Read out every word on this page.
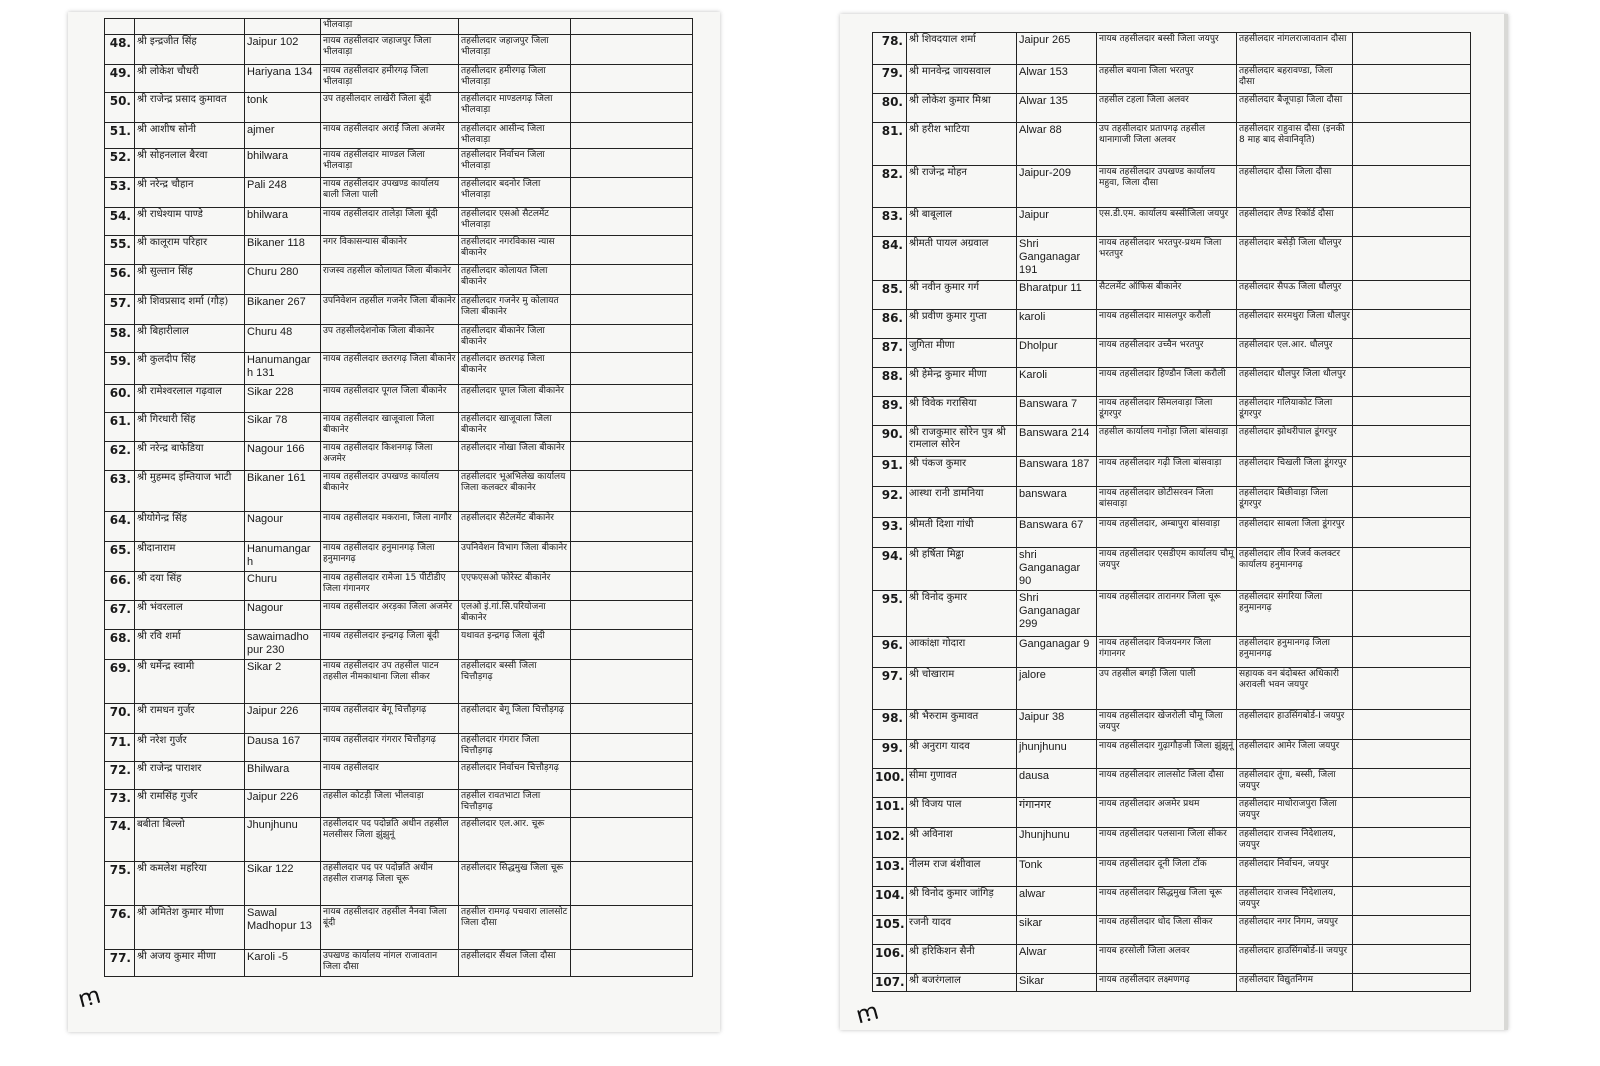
			भीलवाड़ा		
48.	श्री इन्द्रजीत सिंह	Jaipur 102	नायब तहसीलदार जहाजपुर जिला भीलवाड़ा	तहसीलदार जहाजपुर जिला भीलवाड़ा	
49.	श्री लोकेश चौधरी	Hariyana 134	नायब तहसीलदार हमीरगढ़ जिला भीलवाड़ा	तहसीलदार हमीरगढ़ जिला भीलवाड़ा	
50.	श्री राजेन्द्र प्रसाद कुमावत	tonk	उप तहसीलदार लाखेरी जिला बूंदी	तहसीलदार माण्डलगढ़ जिला भीलवाड़ा	
51.	श्री आशीष सोनी	ajmer	नायब तहसीलदार अराई जिला अजमेर	तहसीलदार आसीन्द जिला भीलवाड़ा	
52.	श्री सोहनलाल बैरवा	bhilwara	नायब तहसीलदार माण्डल जिला भीलवाड़ा	तहसीलदार निर्वाचन जिला भीलवाड़ा	
53.	श्री नरेन्द्र चौहान	Pali 248	नायब तहसीलदार उपखण्ड कार्यालय बाली जिला पाली	तहसीलदार बदनोर जिला भीलवाड़ा	
54.	श्री राधेश्याम पाण्डे	bhilwara	नायब तहसीलदार तालेड़ा जिला बूंदी	तहसीलदार एसओ सैटलमेंट भीलवाड़ा	
55.	श्री कालूराम परिहार	Bikaner 118	नगर विकासन्यास बीकानेर	तहसीलदार नगरविकास न्यास बीकानेर	
56.	श्री सुल्तान सिंह	Churu 280	राजस्व तहसील कोलायत जिला बीकानेर	तहसीलदार कोलायत जिला बीकानेर	
57.	श्री शिवप्रसाद शर्मा (गौड़)	Bikaner 267	उपनिवेशन तहसील गजनेर जिला बीकानेर	तहसीलदार गजनेर मु कोलायत जिला बीकानेर	
58.	श्री बिहारीलाल	Churu 48	उप तहसीलदेशनोक जिला बीकानेर	तहसीलदार बीकानेर जिला बीकानेर	
59.	श्री कुलदीप सिंह	Hanumangar h 131	नायब तहसीलदार छतरगढ़ जिला बीकानेर	तहसीलदार छतरगढ़ जिला बीकानेर	
60.	श्री रामेश्वरलाल गढ़वाल	Sikar 228	नायब तहसीलदार पूगल जिला बीकानेर	तहसीलदार पूगल जिला बीकानेर	
61.	श्री गिरधारी सिंह	Sikar 78	नायब तहसीलदार खाजूवाला जिला बीकानेर	तहसीलदार खाजूवाला जिला बीकानेर	
62.	श्री नरेन्द्र बाफेडिया	Nagour 166	नायब तहसीलदार किशनगढ़ जिला अजमेर	तहसीलदार नोखा जिला बीकानेर	
63.	श्री मुहम्मद इम्तियाज भाटी	Bikaner 161	नायब तहसीलदार उपखण्ड कार्यालय बीकानेर	तहसीलदार भूअभिलेख कार्यालय जिला कलक्टर बीकानेर	
64.	श्रीयोगेन्द्र सिंह	Nagour	नायब तहसीलदार मकराना, जिला नागौर	तहसीलदार सैटेलमेंट बीकानेर	
65.	श्रीदानाराम	Hanumangar h	नायब तहसीलदार हनुमानगढ़ जिला हनुमानगढ़	उपनिवेशन विभाग जिला बीकानेर	
66.	श्री दया सिंह	Churu	नायब तहसीलदार रामेजा 15 पीटीडीए जिला गंगानगर	एएफएसओ फोरेस्ट बीकानेर	
67.	श्री भंवरलाल	Nagour	नायब तहसीलदार अरड़का जिला अजमेर	एलओ इं.गां.सि.परियोजना बीकानेर	
68.	श्री रवि शर्मा	sawaimadho pur 230	नायब तहसीलदार इन्द्रगढ़ जिला बूंदी	यथावत इन्द्रगढ़ जिला बूंदी	
69.	श्री धर्मेन्द्र स्वामी	Sikar 2	नायब तहसीलदार उप तहसील पाटन तहसील नीमकाथाना जिला सीकर	तहसीलदार बस्सी जिला चित्तौड़गढ़	
70.	श्री रामधन गुर्जर	Jaipur 226	नायब तहसीलदार बेगू चित्तौड़गढ़	तहसीलदार बेगू जिला चित्तौड़गढ़	
71.	श्री नरेश गुर्जर	Dausa 167	नायब तहसीलदार गंगरार चित्तौड़गढ़	तहसीलदार गंगरार जिला चित्तौड़गढ़	
72.	श्री राजेन्द्र पाराशर	Bhilwara	नायब तहसीलदार	तहसीलदार निर्वाचन चित्तौड़गढ़	
73.	श्री रामसिंह गुर्जर	Jaipur 226	तहसील कोटड़ी जिला भीलवाड़ा	तहसील रावतभाटा जिला चित्तौड़गढ़	
74.	बबीता बिल्लो	Jhunjhunu	तहसीलदार पद पदोन्नति अधीन तहसील मलसीसर जिला झुंझुनूं	तहसीलदार एल.आर. चूरू	
75.	श्री कमलेश महरिया	Sikar 122	तहसीलदार पद पर पदोन्नति अधीन तहसील राजगढ़ जिला चूरू	तहसीलदार सिद्धमुख जिला चूरू	
76.	श्री अमितेश कुमार मीणा	Sawal Madhopur 13	नायब तहसीलदार तहसील नैनवा जिला बूंदी	तहसील रामगढ़ पचवारा लालसोट जिला दौसा	
77.	श्री अजय कुमार मीणा	Karoli -5	उपखण्ड कार्यालय नांगल राजावतान जिला दौसा	तहसीलदार सैंथल जिला दौसा	
ꭑ
78.	श्री शिवदयाल शर्मा	Jaipur 265	नायब तहसीलदार बस्सी जिला जयपुर	तहसीलदार नांगलराजावतान दौसा	
79.	श्री मानवेन्द्र जायसवाल	Alwar 153	तहसील बयाना जिला भरतपुर	तहसीलदार बहरावण्डा, जिला दौसा	
80.	श्री लोकेश कुमार मिश्रा	Alwar 135	तहसील टहला जिला अलवर	तहसीलदार बैजूपाड़ा जिला दौसा	
81.	श्री हरीश भाटिया	Alwar 88	उप तहसीलदार प्रतापगढ़ तहसील थानागाजी जिला अलवर	तहसीलदार राहुवास दौसा (इनकी 8 माह बाद सेवानिवृति)	
82.	श्री राजेन्द्र मोहन	Jaipur-209	नायब तहसीलदार उपखण्ड कार्यालय महुवा, जिला दौसा	तहसीलदार दौसा जिला दौसा	
83.	श्री बाबूलाल	Jaipur	एस.डी.एम. कार्यालय बस्सीजिला जयपुर	तहसीलदार लैण्ड रिकॉर्ड दौसा	
84.	श्रीमती पायल अग्रवाल	Shri Ganganagar 191	नायब तहसीलदार भरतपुर-प्रथम जिला भरतपुर	तहसीलदार बसेड़ी जिला धौलपुर	
85.	श्री नवीन कुमार गर्ग	Bharatpur 11	सैटलमेंट ऑफिस बीकानेर	तहसीलदार सैपऊ जिला धौलपुर	
86.	श्री प्रवीण कुमार गुप्ता	karoli	नायब तहसीलदार मासलपुर करौली	तहसीलदार सरमथुरा जिला धौलपुर	
87.	जुगिता मीणा	Dholpur	नायब तहसीलदार उच्चैन भरतपुर	तहसीलदार एल.आर. धौलपुर	
88.	श्री हेमेन्द्र कुमार मीणा	Karoli	नायब तहसीलदार हिण्डौन जिला करौली	तहसीलदार धौलपुर जिला धौलपुर	
89.	श्री विवेक गरासिया	Banswara 7	नायब तहसीलदार सिमलवाड़ा जिला डूंगरपुर	तहसीलदार गलियाकोट जिला डूंगरपुर	
90.	श्री राजकुमार सोरेन पुत्र श्री रामलाल सोरेन	Banswara 214	तहसील कार्यालय गनोड़ा जिला बांसवाड़ा	तहसीलदार झोथरीपाल डूंगरपुर	
91.	श्री पंकज कुमार	Banswara 187	नायब तहसीलदार गढ़ी जिला बांसवाड़ा	तहसीलदार चिखली जिला डूंगरपुर	
92.	आस्था रानी डामनिया	banswara	नायब तहसीलदार छोटीसरवन जिला बांसवाड़ा	तहसीलदार बिछीवाड़ा जिला डूंगरपुर	
93.	श्रीमती दिशा गांधी	Banswara 67	नायब तहसीलदार, अम्बापुरा बांसवाड़ा	तहसीलदार साबला जिला डूंगरपुर	
94.	श्री हर्षिता मिढ्ढा	shri Ganganagar 90	नायब तहसीलदार एसडीएम कार्यालय चौमू जयपुर	तहसीलदार लीव रिजर्व कलक्टर कार्यालय हनुमानगढ़	
95.	श्री विनोद कुमार	Shri Ganganagar 299	नायब तहसीलदार तारानगर जिला चूरू	तहसीलदार संगरिया जिला हनुमानगढ़	
96.	आकांक्षा गोदारा	Ganganagar 9	नायब तहसीलदार विजयनगर जिला गंगानगर	तहसीलदार हनुमानगढ़ जिला हनुमानगढ़	
97.	श्री चोखाराम	jalore	उप तहसील बगड़ी जिला पाली	सहायक वन बंदोबस्त अधिकारी अरावली भवन जयपुर	
98.	श्री भैरुराम कुमावत	Jaipur 38	नायब तहसीलदार खेजरोली चौमू जिला जयपुर	तहसीलदार हाउसिंगबोर्ड-I जयपुर	
99.	श्री अनुराग यादव	jhunjhunu	नायब तहसीलदार गुढ़ागौड़जी जिला झुंझुनूं	तहसीलदार आमेर जिला जयपुर	
100.	सीमा गुणावत	dausa	नायब तहसीलदार लालसोट जिला दौसा	तहसीलदार तूंगा, बस्सी, जिला जयपुर	
101.	श्री विजय पाल	गंगानगर	नायब तहसीलदार अजमेर प्रथम	तहसीलदार माधोराजपुरा जिला जयपुर	
102.	श्री अविनाश	Jhunjhunu	नायब तहसीलदार पलसाना जिला सीकर	तहसीलदार राजस्व निदेशालय, जयपुर	
103.	नीलम राज बंशीवाल	Tonk	नायब तहसीलदार दूनी जिला टोंक	तहसीलदार निर्वाचन, जयपुर	
104.	श्री विनोद कुमार जांगिड़	alwar	नायब तहसीलदार सिद्धमुख जिला चूरू	तहसीलदार राजस्व निदेशालय, जयपुर	
105.	रजनी यादव	sikar	नायब तहसीलदार धोद जिला सीकर	तहसीलदार नगर निगम, जयपुर	
106.	श्री हरिकिशन सैनी	Alwar	नायब हरसोली जिला अलवर	तहसीलदार हाउसिंगबोर्ड-II जयपुर	
107.	श्री बजरंगलाल	Sikar	नायब तहसीलदार लक्ष्मणगढ़	तहसीलदार विद्युतनिगम	
ꭑ
